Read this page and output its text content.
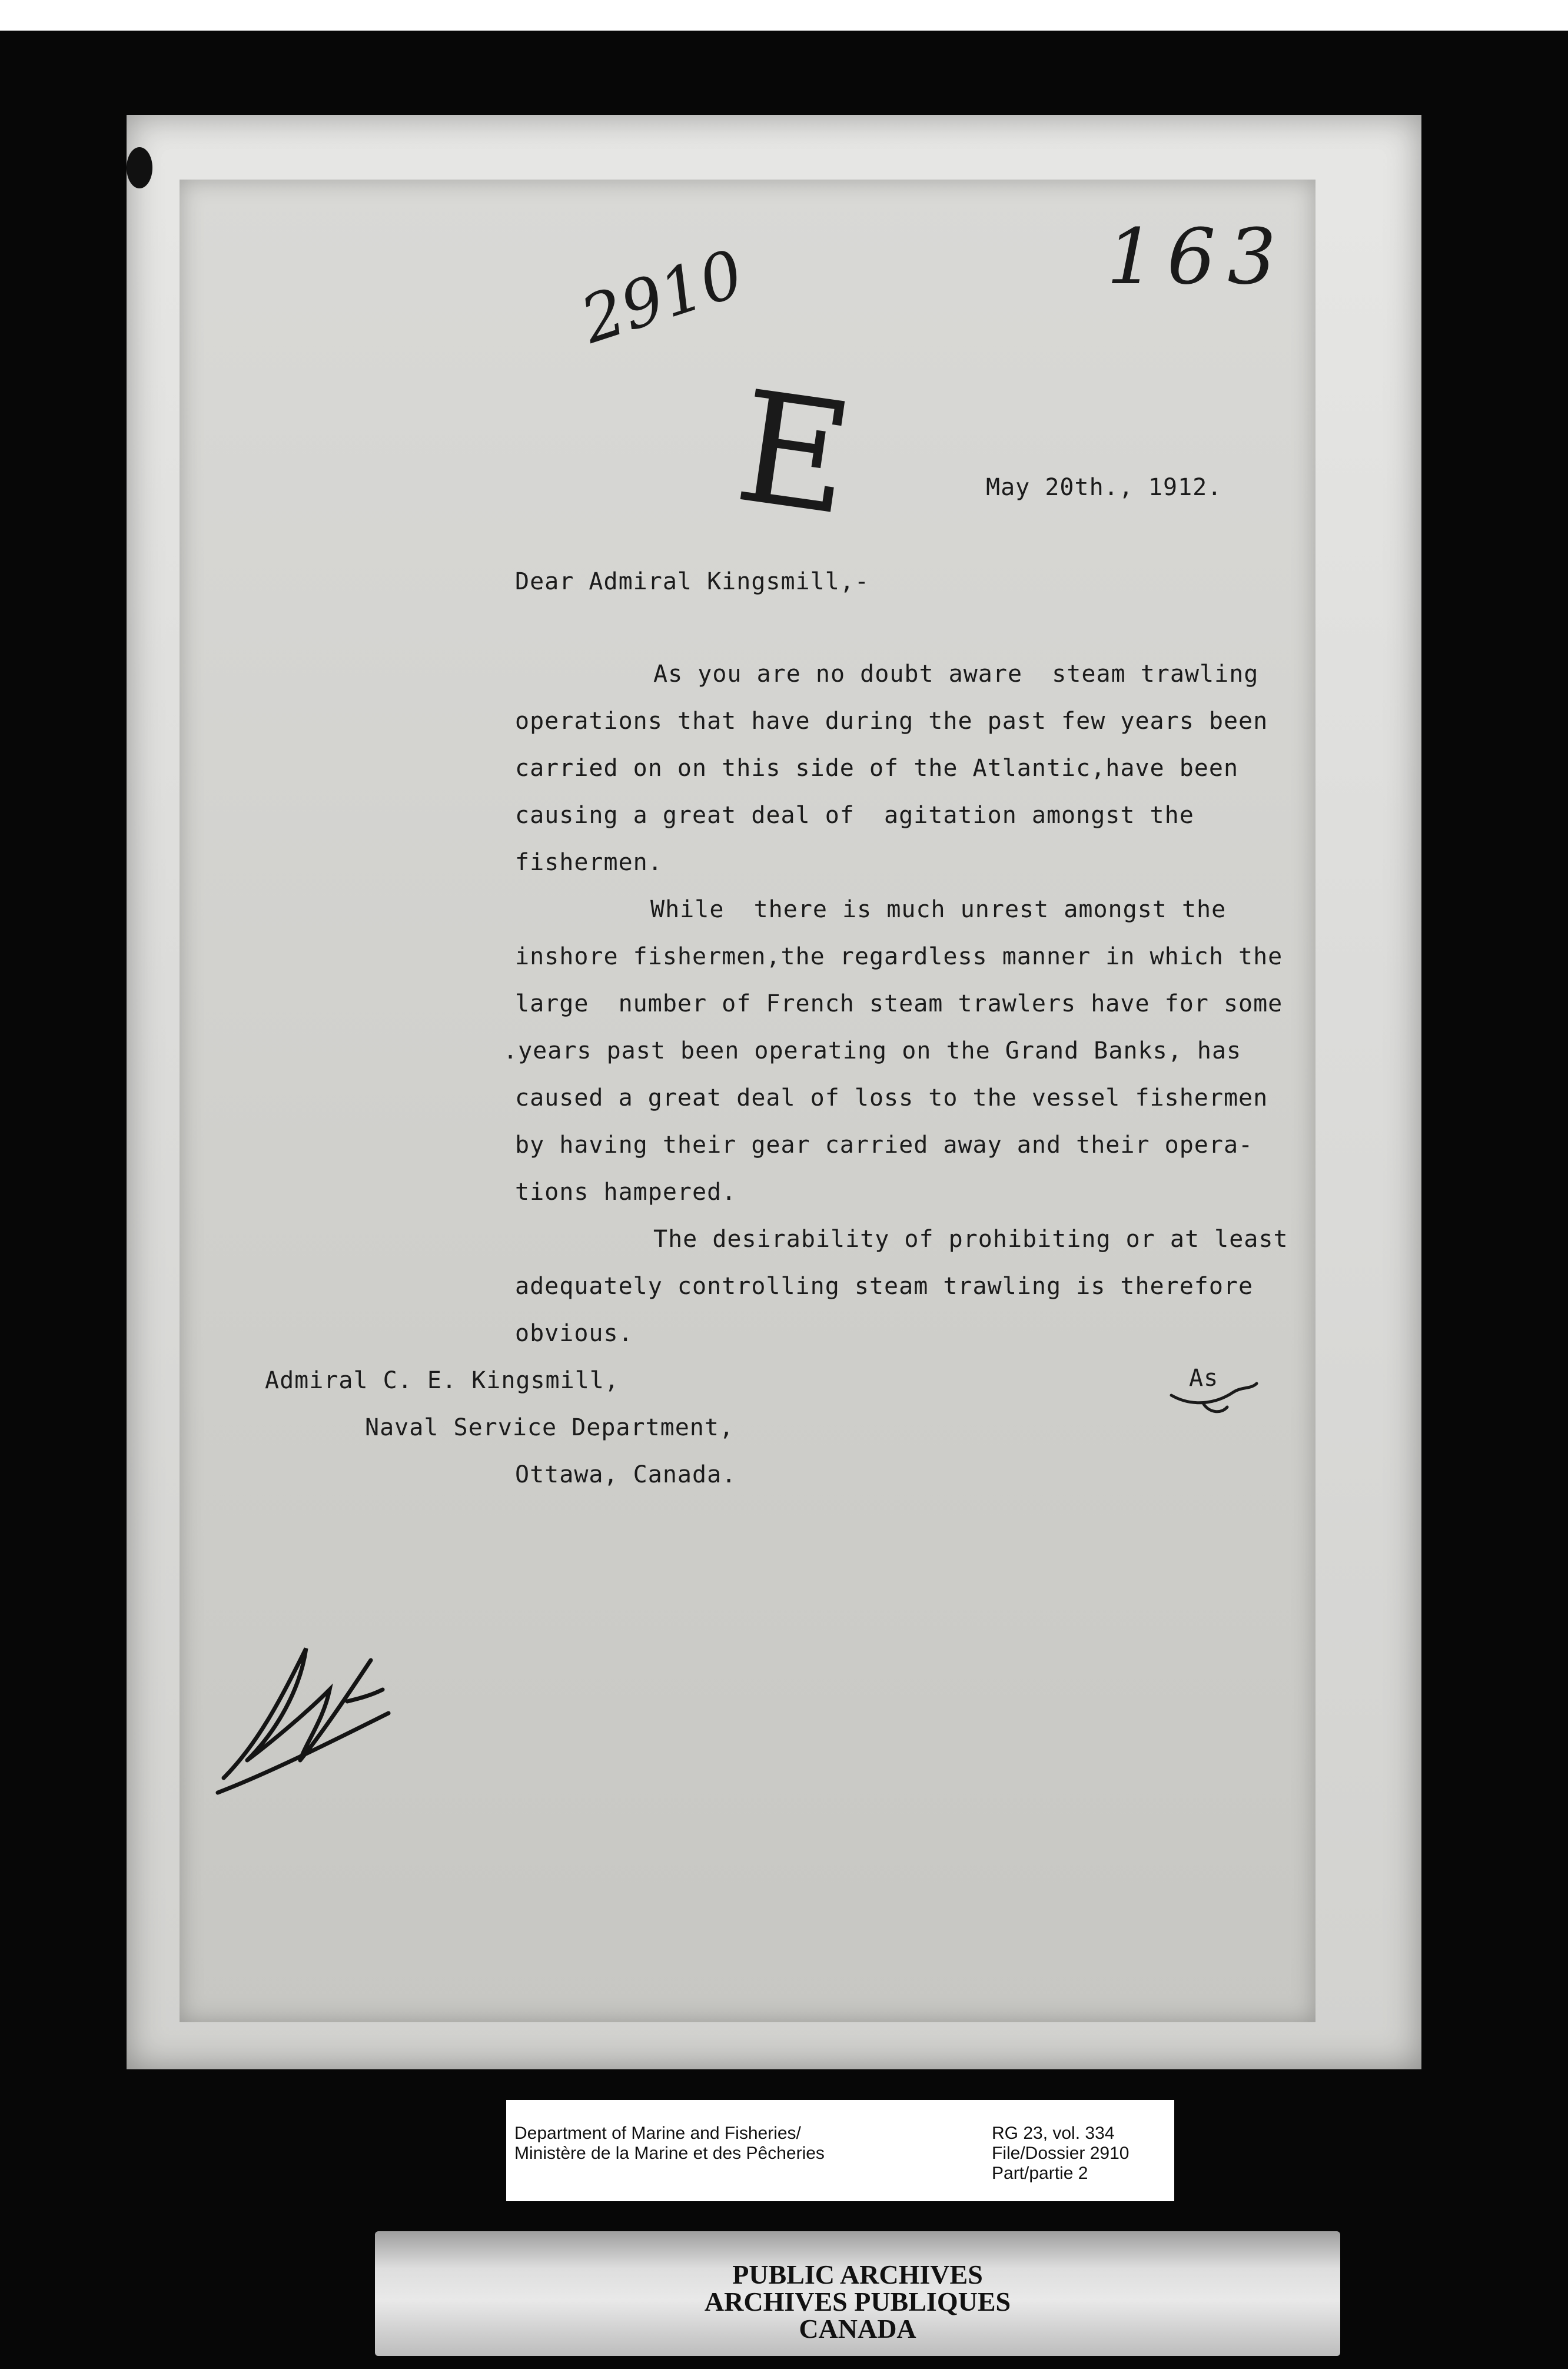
2910	163
E	May 20th., 1912.
Dear Admiral Kingsmill,-
As you are no doubt aware  steam trawling
operations that have during the past few years been
carried on on this side of the Atlantic,have been
causing a great deal of  agitation amongst the
fishermen.
While  there is much unrest amongst the
inshore fishermen,the regardless manner in which the
large  number of French steam trawlers have for some
.years past been operating on the Grand Banks, has
caused a great deal of loss to the vessel fishermen
by having their gear carried away and their opera-
tions hampered.
The desirability of prohibiting or at least
adequately controlling steam trawling is therefore
obvious.
As
Admiral C. E. Kingsmill,
Naval Service Department,
Ottawa, Canada.
Department of Marine and Fisheries/
Ministère de la Marine et des Pêcheries
RG 23, vol. 334
File/Dossier 2910
Part/partie 2
PUBLIC ARCHIVES
ARCHIVES PUBLIQUES
CANADA
